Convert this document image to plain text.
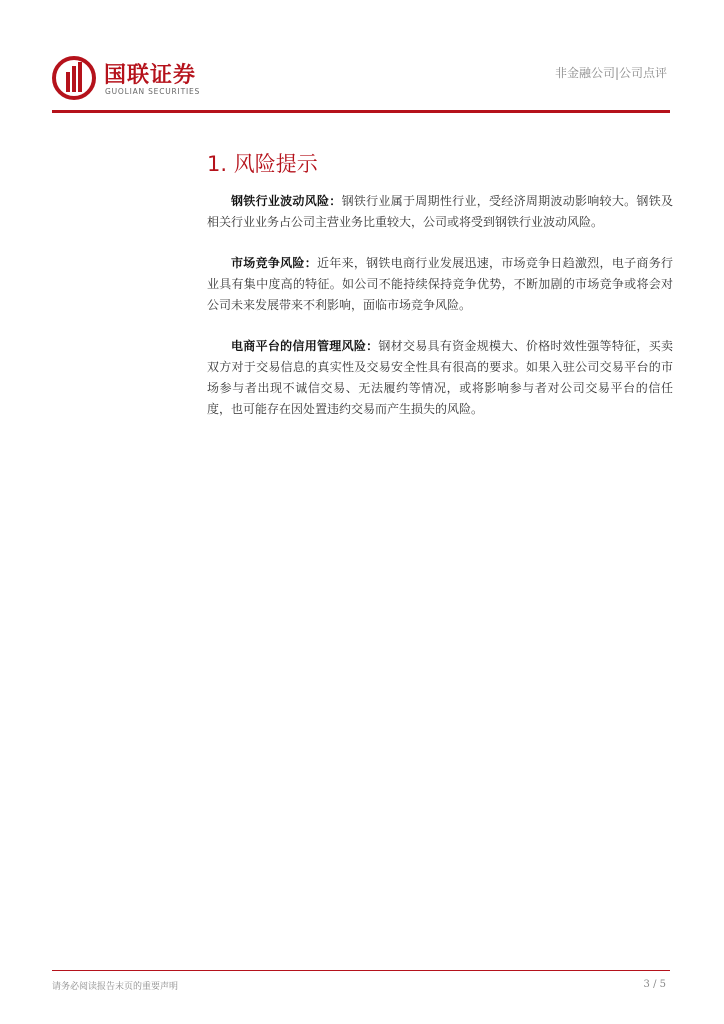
国联证券
GUOLIAN SECURITIES
非金融公司|公司点评
1. 风险提示

钢铁行业波动风险：钢铁行业属于周期性行业，受经济周期波动影响较大。钢铁及相关行业业务占公司主营业务比重较大，公司或将受到钢铁行业波动风险。

市场竞争风险：近年来，钢铁电商行业发展迅速，市场竞争日趋激烈，电子商务行业具有集中度高的特征。如公司不能持续保持竞争优势，不断加剧的市场竞争或将会对公司未来发展带来不利影响，面临市场竞争风险。

电商平台的信用管理风险：钢材交易具有资金规模大、价格时效性强等特征，买卖双方对于交易信息的真实性及交易安全性具有很高的要求。如果入驻公司交易平台的市场参与者出现不诚信交易、无法履约等情况，或将影响参与者对公司交易平台的信任度，也可能存在因处置违约交易而产生损失的风险。

请务必阅读报告末页的重要声明	3 / 5
